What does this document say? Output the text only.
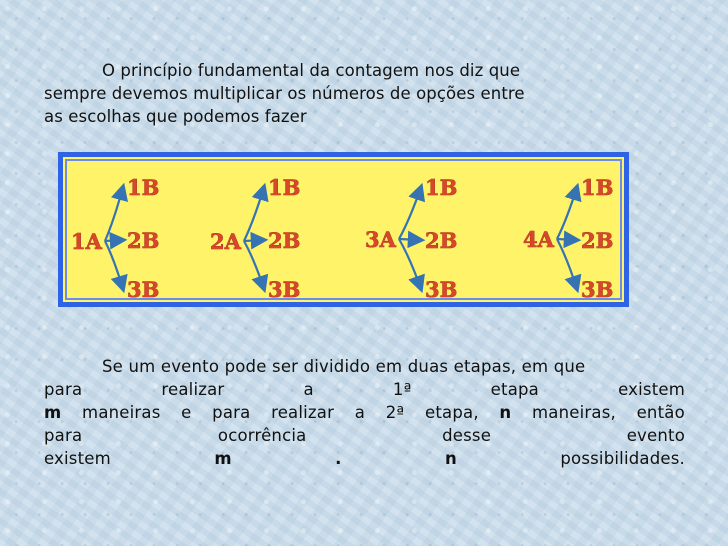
O princípio fundamental da contagem nos diz que
sempre devemos multiplicar os números de opções entre
as escolhas que podemos fazer
1A
1B
2B
3B
2A
1B
2B
3B
3A
1B
2B
3B
4A
1B
2B
3B
Se um evento pode ser dividido em duas etapas, em que
para	realizar	a	1ª	etapa	existem
m maneiras e para realizar a 2ª etapa, n maneiras, então
para	ocorrência	desse	evento
existem	m	.	n	possibilidades.
